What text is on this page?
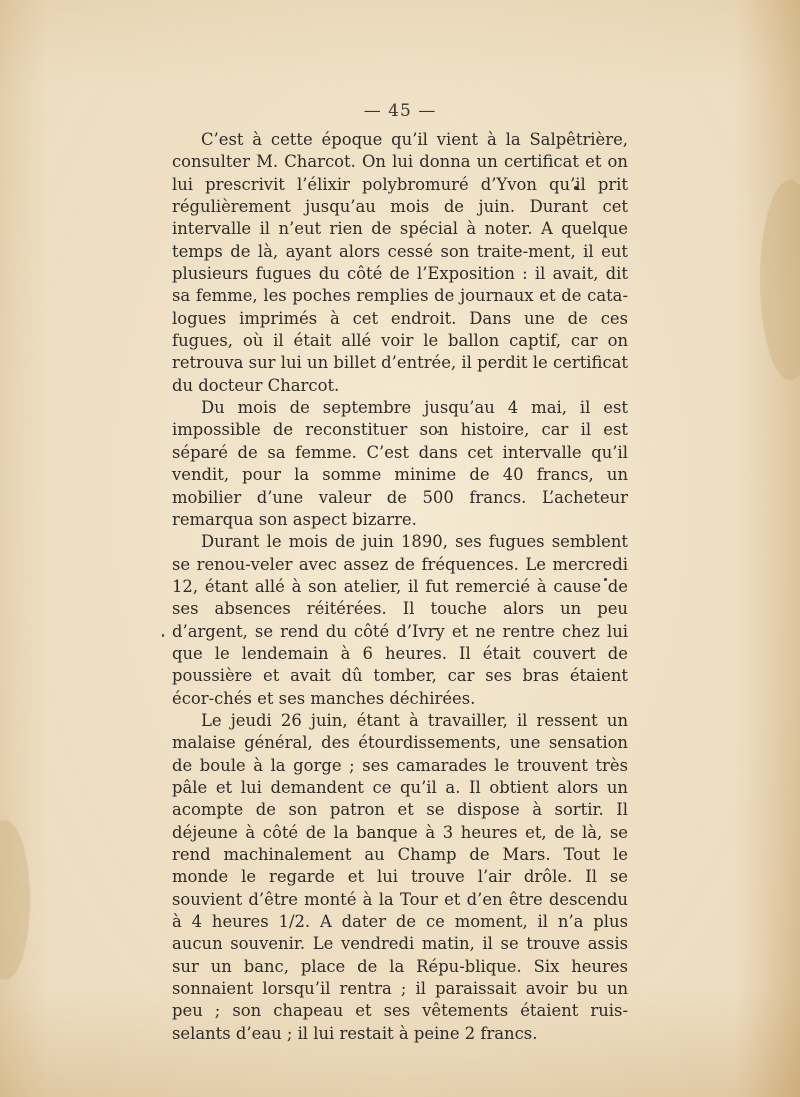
— 45 —

C’est à cette époque qu’il vient à la Salpêtrière, consulter M. Charcot. On lui donna un certificat et on lui prescrivit l’élixir polybromuré d’Yvon qu’il prit régulièrement jusqu’au mois de juin. Durant cet intervalle il n’eut rien de spécial à noter. A quelque temps de là, ayant alors cessé son traite-ment, il eut plusieurs fugues du côté de l’Exposition : il avait, dit sa femme, les poches remplies de journaux et de cata-logues imprimés à cet endroit. Dans une de ces fugues, où il était allé voir le ballon captif, car on retrouva sur lui un billet d’entrée, il perdit le certificat du docteur Charcot.

Du mois de septembre jusqu’au 4 mai, il est impossible de reconstituer son histoire, car il est séparé de sa femme. C’est dans cet intervalle qu’il vendit, pour la somme minime de 40 francs, un mobilier d’une valeur de 500 francs. L’acheteur remarqua son aspect bizarre.

Durant le mois de juin 1890, ses fugues semblent se renou-veler avec assez de fréquences. Le mercredi 12, étant allé à son atelier, il fut remercié à cause de ses absences réitérées. Il touche alors un peu d’argent, se rend du côté d’Ivry et ne rentre chez lui que le lendemain à 6 heures. Il était couvert de poussière et avait dû tomber, car ses bras étaient écor-chés et ses manches déchirées.

Le jeudi 26 juin, étant à travailler, il ressent un malaise général, des étourdissements, une sensation de boule à la gorge ; ses camarades le trouvent très pâle et lui demandent ce qu’il a. Il obtient alors un acompte de son patron et se dispose à sortir. Il déjeune à côté de la banque à 3 heures et, de là, se rend machinalement au Champ de Mars. Tout le monde le regarde et lui trouve l’air drôle. Il se souvient d’être monté à la Tour et d’en être descendu à 4 heures 1/2. A dater de ce moment, il n’a plus aucun souvenir. Le vendredi matin, il se trouve assis sur un banc, place de la Répu-blique. Six heures sonnaient lorsqu’il rentra ; il paraissait avoir bu un peu ; son chapeau et ses vêtements étaient ruis-selants d’eau ; il lui restait à peine 2 francs.
